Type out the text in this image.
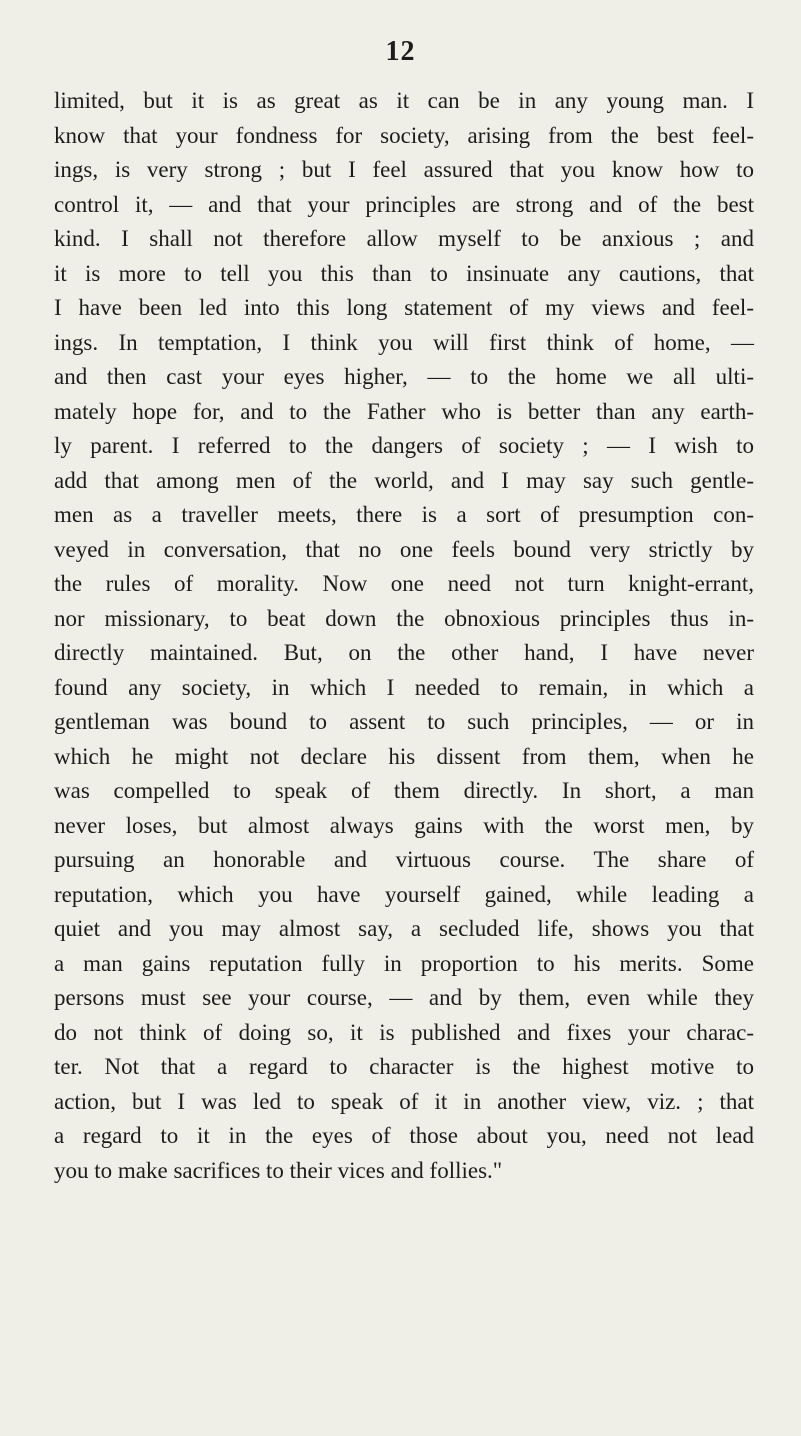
12
limited, but it is as great as it can be in any young man. I
know that your fondness for society, arising from the best feel-
ings, is very strong ; but I feel assured that you know how to
control it, — and that your principles are strong and of the best
kind. I shall not therefore allow myself to be anxious ; and
it is more to tell you this than to insinuate any cautions, that
I have been led into this long statement of my views and feel-
ings. In temptation, I think you will first think of home, —
and then cast your eyes higher, — to the home we all ulti-
mately hope for, and to the Father who is better than any earth-
ly parent. I referred to the dangers of society ; — I wish to
add that among men of the world, and I may say such gentle-
men as a traveller meets, there is a sort of presumption con-
veyed in conversation, that no one feels bound very strictly by
the rules of morality. Now one need not turn knight-errant,
nor missionary, to beat down the obnoxious principles thus in-
directly maintained. But, on the other hand, I have never
found any society, in which I needed to remain, in which a
gentleman was bound to assent to such principles, — or in
which he might not declare his dissent from them, when he
was compelled to speak of them directly. In short, a man
never loses, but almost always gains with the worst men, by
pursuing an honorable and virtuous course. The share of
reputation, which you have yourself gained, while leading a
quiet and you may almost say, a secluded life, shows you that
a man gains reputation fully in proportion to his merits. Some
persons must see your course, — and by them, even while they
do not think of doing so, it is published and fixes your charac-
ter. Not that a regard to character is the highest motive to
action, but I was led to speak of it in another view, viz. ; that
a regard to it in the eyes of those about you, need not lead
you to make sacrifices to their vices and follies."
